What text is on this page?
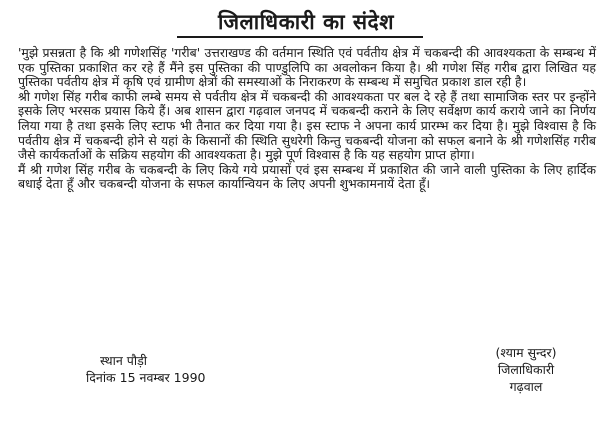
जिलाधिकारी का संदेश

'मुझे प्रसन्नता है कि श्री गणेशसिंह 'गरीब' उत्तराखण्ड की वर्तमान स्थिति एवं पर्वतीय क्षेत्र में चकबन्दी की आवश्यकता के सम्बन्ध में एक पुस्तिका प्रकाशित कर रहे हैं मैंने इस पुस्तिका की पाण्डुलिपि का अवलोकन किया है। श्री गणेश सिंह गरीब द्वारा लिखित यह पुस्तिका पर्वतीय क्षेत्र में कृषि एवं ग्रामीण क्षेत्रों की समस्याओं के निराकरण के सम्बन्ध में समुचित प्रकाश डाल रही है।

श्री गणेश सिंह गरीब काफी लम्बे समय से पर्वतीय क्षेत्र में चकबन्दी की आवश्यकता पर बल दे रहे हैं तथा सामाजिक स्तर पर इन्होंने इसके लिए भरसक प्रयास किये हैं। अब शासन द्वारा गढ़वाल जनपद में चकबन्दी कराने के लिए सर्वेक्षण कार्य कराये जाने का निर्णय लिया गया है तथा इसके लिए स्टाफ भी तैनात कर दिया गया है। इस स्टाफ ने अपना कार्य प्रारम्भ कर दिया है। मुझे विश्वास है कि पर्वतीय क्षेत्र में चकबन्दी होने से यहां के किसानों की स्थिति सुधरेगी किन्तु चकबन्दी योजना को सफल बनाने के श्री गणेशसिंह गरीब जैसे कार्यकर्ताओं के सक्रिय सहयोग की आवश्यकता है। मुझे पूर्ण विश्वास है कि यह सहयोग प्राप्त होगा।

मैं श्री गणेश सिंह गरीब के चकबन्दी के लिए किये गये प्रयासों एवं इस सम्बन्ध में प्रकाशित की जाने वाली पुस्तिका के लिए हार्दिक बधाई देता हूँ और चकबन्दी योजना के सफल कार्यान्वियन के लिए अपनी शुभकामनायें देता हूँ।

स्थान पौड़ी
दिनांक 15 नवम्बर 1990
(श्याम सुन्दर)
जिलाधिकारी
गढ़वाल
